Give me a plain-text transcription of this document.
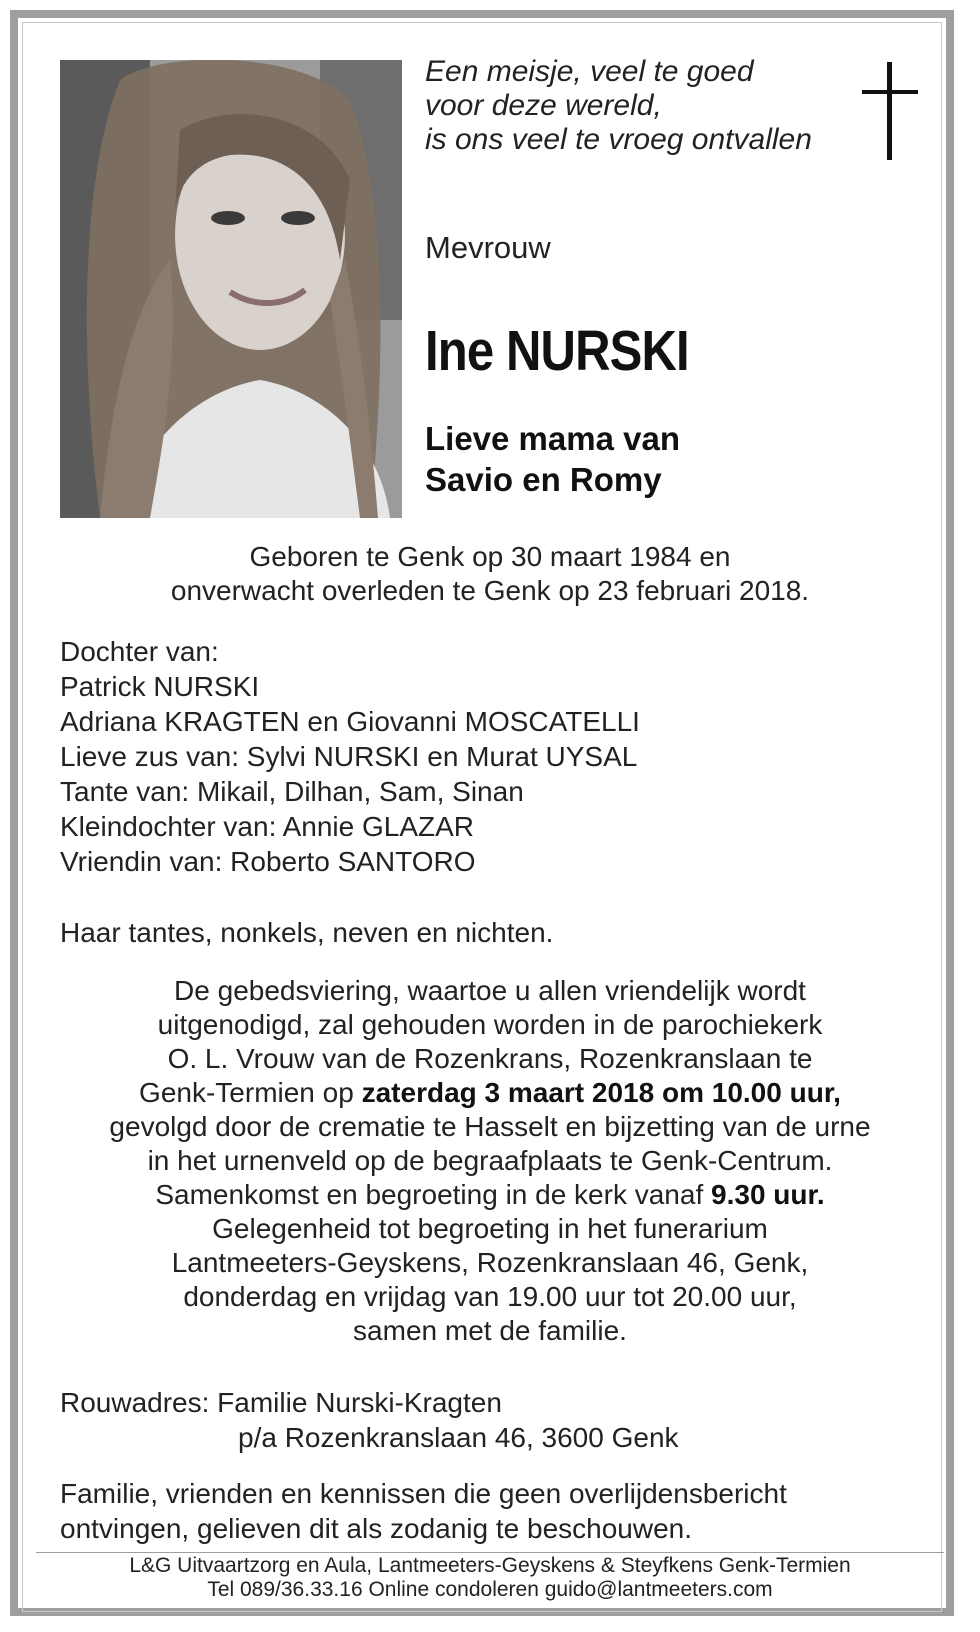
Een meisje, veel te goed
voor deze wereld,
is ons veel te vroeg ontvallen
Mevrouw
Ine NURSKI
Lieve mama van
Savio en Romy
Geboren te Genk op 30 maart 1984 en
onverwacht overleden te Genk op 23 februari 2018.
Dochter van:
Patrick NURSKI
Adriana KRAGTEN en Giovanni MOSCATELLI
Lieve zus van: Sylvi NURSKI en Murat UYSAL
Tante van: Mikail, Dilhan, Sam, Sinan
Kleindochter van: Annie GLAZAR
Vriendin van: Roberto SANTORO
Haar tantes, nonkels, neven en nichten.
De gebedsviering, waartoe u allen vriendelijk wordt
uitgenodigd, zal gehouden worden in de parochiekerk
O. L. Vrouw van de Rozenkrans, Rozenkranslaan te
Genk-Termien op zaterdag 3 maart 2018 om 10.00 uur,
gevolgd door de crematie te Hasselt en bijzetting van de urne
in het urnenveld op de begraafplaats te Genk-Centrum.
Samenkomst en begroeting in de kerk vanaf 9.30 uur.
Gelegenheid tot begroeting in het funerarium
Lantmeeters-Geyskens, Rozenkranslaan 46, Genk,
donderdag en vrijdag van 19.00 uur tot 20.00 uur,
samen met de familie.
Rouwadres: Familie Nurski-Kragten
p/a Rozenkranslaan 46, 3600 Genk
Familie, vrienden en kennissen die geen overlijdensbericht
ontvingen, gelieven dit als zodanig te beschouwen.
L&G Uitvaartzorg en Aula, Lantmeeters-Geyskens & Steyfkens Genk-Termien
Tel 089/36.33.16 Online condoleren guido@lantmeeters.com
